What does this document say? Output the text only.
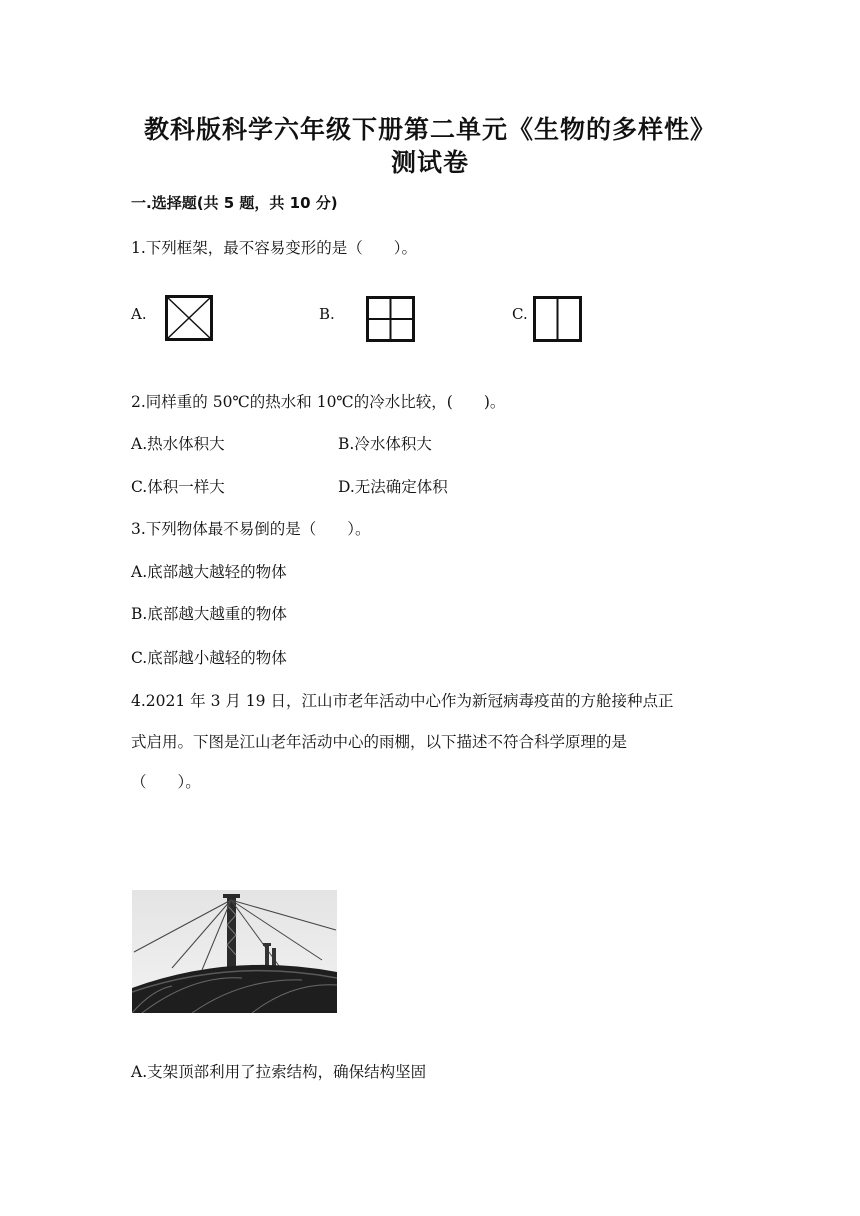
教科版科学六年级下册第二单元《生物的多样性》
测试卷
一.选择题(共 5 题，共 10 分)
1.下列框架，最不容易变形的是（　　）。
A.	B.	C.
2.同样重的 50℃的热水和 10℃的冷水比较，(　　)。
A.热水体积大	B.冷水体积大
C.体积一样大	D.无法确定体积
3.下列物体最不易倒的是（　　）。
A.底部越大越轻的物体
B.底部越大越重的物体
C.底部越小越轻的物体
4.2021 年 3 月 19 日，江山市老年活动中心作为新冠病毒疫苗的方舱接种点正
式启用。下图是江山老年活动中心的雨棚，以下描述不符合科学原理的是
（　　）。
A.支架顶部利用了拉索结构，确保结构坚固
